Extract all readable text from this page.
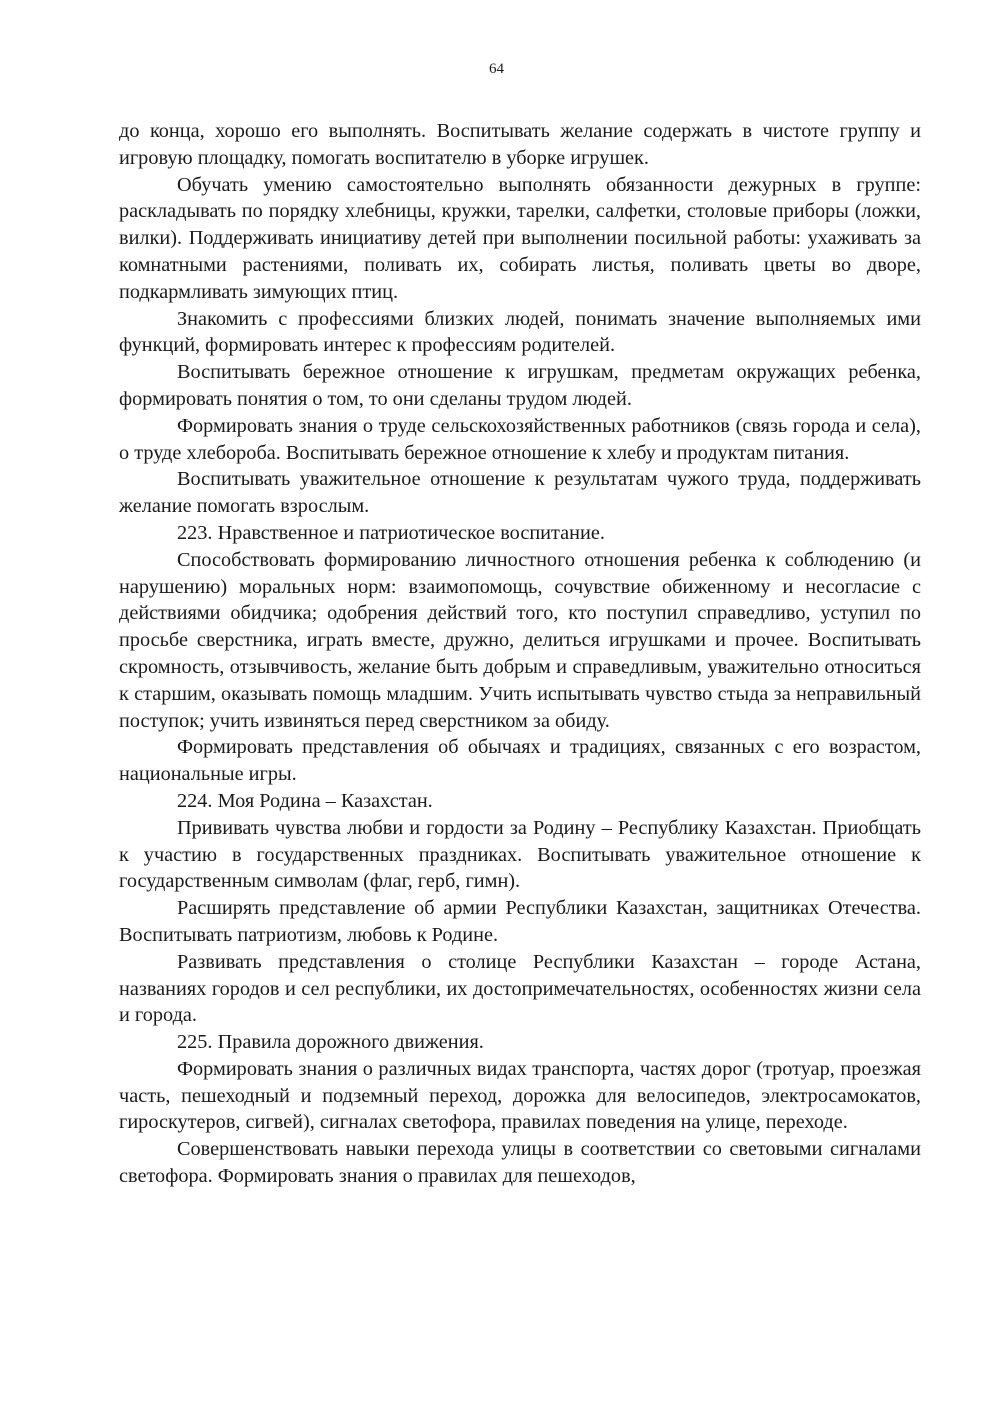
64

до конца, хорошо его выполнять. Воспитывать желание содержать в чистоте группу и игровую площадку, помогать воспитателю в уборке игрушек.

Обучать умению самостоятельно выполнять обязанности дежурных в группе: раскладывать по порядку хлебницы, кружки, тарелки, салфетки, столовые приборы (ложки, вилки). Поддерживать инициативу детей при выполнении посильной работы: ухаживать за комнатными растениями, поливать их, собирать листья, поливать цветы во дворе, подкармливать зимующих птиц.

Знакомить с профессиями близких людей, понимать значение выполняемых ими функций, формировать интерес к профессиям родителей.

Воспитывать бережное отношение к игрушкам, предметам окружащих ребенка, формировать понятия о том, то они сделаны трудом людей.

Формировать знания о труде сельскохозяйственных работников (связь города и села), о труде хлебороба. Воспитывать бережное отношение к хлебу и продуктам питания.

Воспитывать уважительное отношение к результатам чужого труда, поддерживать желание помогать взрослым.

223. Нравственное и патриотическое воспитание.

Способствовать формированию личностного отношения ребенка к соблюдению (и нарушению) моральных норм: взаимопомощь, сочувствие обиженному и несогласие с действиями обидчика; одобрения действий того, кто поступил справедливо, уступил по просьбе сверстника, играть вместе, дружно, делиться игрушками и прочее. Воспитывать скромность, отзывчивость, желание быть добрым и справедливым, уважительно относиться к старшим, оказывать помощь младшим. Учить испытывать чувство стыда за неправильный поступок; учить извиняться перед сверстником за обиду.

Формировать представления об обычаях и традициях, связанных с его возрастом, национальные игры.

224. Моя Родина – Казахстан.

Прививать чувства любви и гордости за Родину – Республику Казахстан. Приобщать к участию в государственных праздниках. Воспитывать уважительное отношение к государственным символам (флаг, герб, гимн).

Расширять представление об армии Республики Казахстан, защитниках Отечества. Воспитывать патриотизм, любовь к Родине.

Развивать представления о столице Республики Казахстан – городе Астана, названиях городов и сел республики, их достопримечательностях, особенностях жизни села и города.

225. Правила дорожного движения.

Формировать знания о различных видах транспорта, частях дорог (тротуар, проезжая часть, пешеходный и подземный переход, дорожка для велосипедов, электросамокатов, гироскутеров, сигвей), сигналах светофора, правилах поведения на улице, переходе.

Совершенствовать навыки перехода улицы в соответствии со световыми сигналами светофора. Формировать знания о правилах для пешеходов,
